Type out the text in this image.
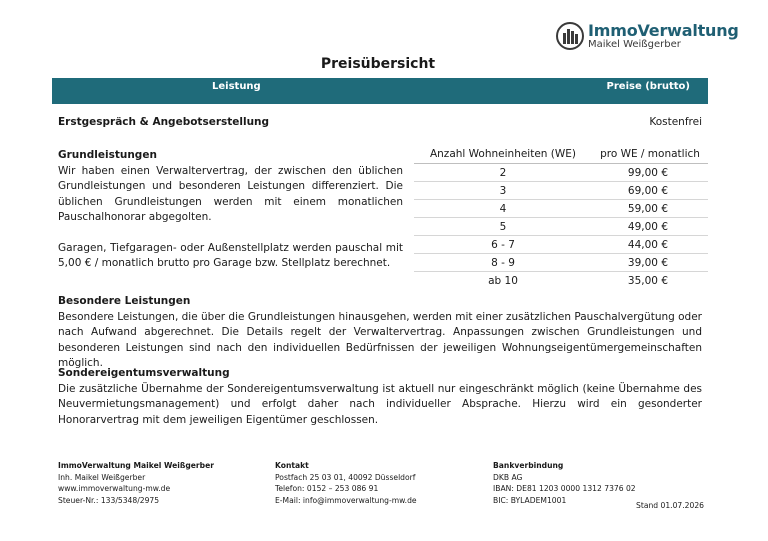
ImmoVerwaltung
Maikel Weißgerber
Preisübersicht
Leistung	Preise (brutto)
Erstgespräch & Angebotserstellung	Kostenfrei
Grundleistungen

Wir haben einen Verwaltervertrag, der zwischen den üblichen Grundleistungen und besonderen Leistungen differenziert. Die üblichen Grundleistungen werden mit einem monatlichen Pauschalhonorar abgegolten.

Garagen, Tiefgaragen- oder Außenstellplatz werden pauschal mit 5,00 € / monatlich brutto pro Garage bzw. Stellplatz berechnet.

Anzahl Wohneinheiten (WE)	pro WE / monatlich
2	99,00 €
3	69,00 €
4	59,00 €
5	49,00 €
6 - 7	44,00 €
8 - 9	39,00 €
ab 10	35,00 €
Besondere Leistungen

Besondere Leistungen, die über die Grundleistungen hinausgehen, werden mit einer zusätzlichen Pauschalvergütung oder nach Aufwand abgerechnet. Die Details regelt der Verwaltervertrag. Anpassungen zwischen Grundleistungen und besonderen Leistungen sind nach den individuellen Bedürfnissen der jeweiligen Wohnungseigentümergemeinschaften möglich.

Sondereigentumsverwaltung

Die zusätzliche Übernahme der Sondereigentumsverwaltung ist aktuell nur eingeschränkt möglich (keine Übernahme des Neuvermietungsmanagement) und erfolgt daher nach individueller Absprache. Hierzu wird ein gesonderter Honorarvertrag mit dem jeweiligen Eigentümer geschlossen.

ImmoVerwaltung Maikel Weißgerber
Inh. Maikel Weißgerber
www.immoverwaltung-mw.de
Steuer-Nr.: 133/5348/2975
Kontakt
Postfach 25 03 01, 40092 Düsseldorf
Telefon: 0152 – 253 086 91
E-Mail: info@immoverwaltung-mw.de
Bankverbindung
DKB AG
IBAN: DE81 1203 0000 1312 7376 02
BIC: BYLADEM1001
Stand 01.07.2026
